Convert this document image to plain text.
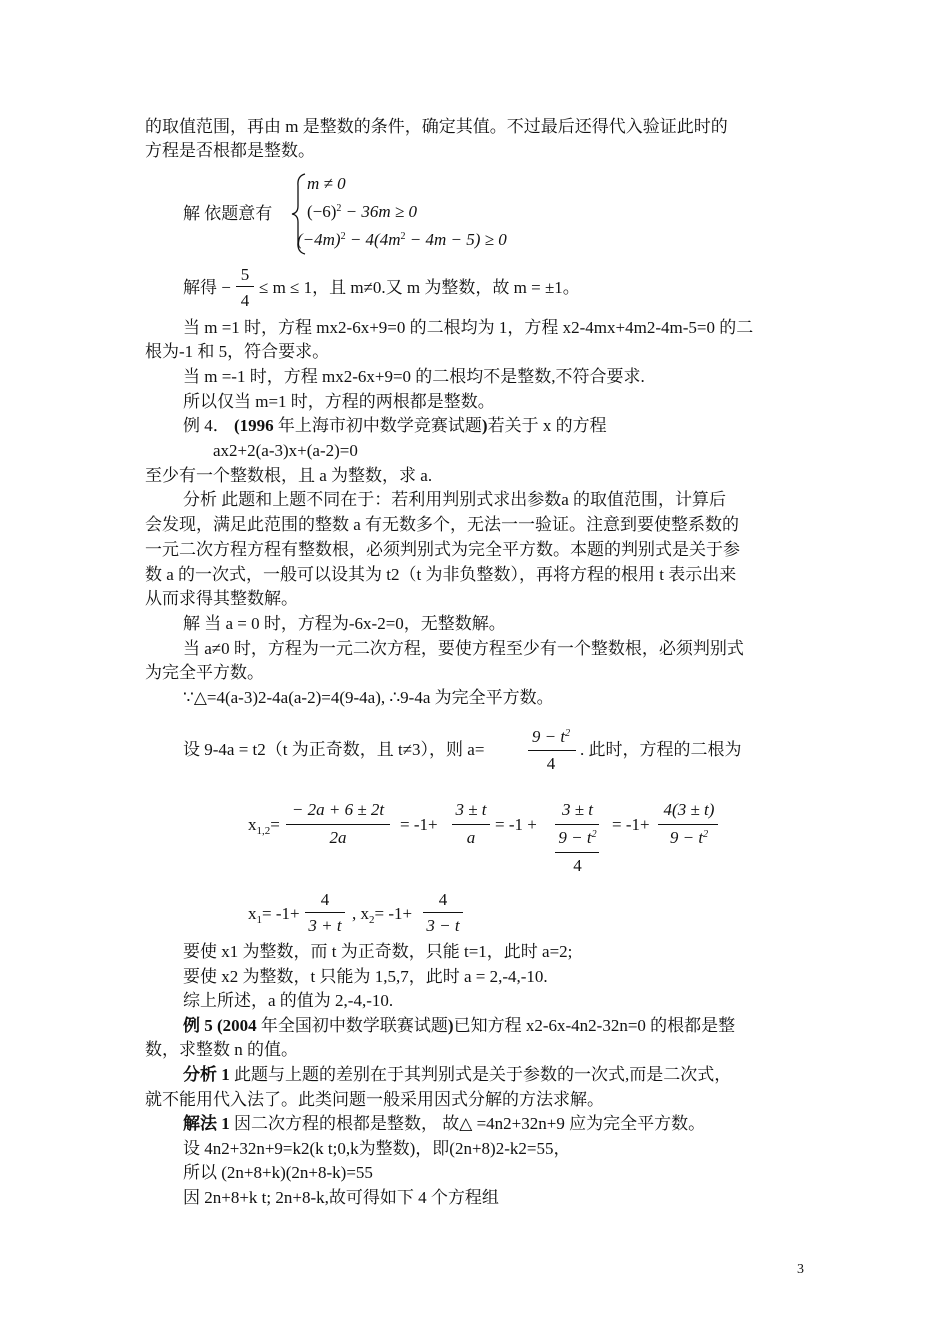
的取值范围，再由 m 是整数的条件，确定其值。不过最后还得代入验证此时的
方程是否根都是整数。
解 依题意有
m ≠ 0
$(-6)^2 - 36m \ge 0$
$(-4m)^2 - 4(4m^2 - 4m - 5) \ge 0$
解得 −
5
4
≤ m ≤ 1，且 m≠0.又 m 为整数，故 m = ±1。
当 m =1 时，方程 mx2-6x+9=0 的二根均为 1，方程 x2-4mx+4m2-4m-5=0 的二
根为-1 和 5，符合要求。
当 m =-1 时，方程 mx2-6x+9=0 的二根均不是整数,不符合要求.
所以仅当 m=1 时，方程的两根都是整数。
例 4． (1996 年上海市初中数学竞赛试题)若关于 x 的方程
ax2+2(a-3)x+(a-2)=0
至少有一个整数根，且 a 为整数，求 a.
分析 此题和上题不同在于：若利用判别式求出参数a 的取值范围，计算后
会发现，满足此范围的整数 a 有无数多个，无法一一验证。注意到要使整系数的
一元二次方程方程有整数根，必须判别式为完全平方数。本题的判别式是关于参
数 a 的一次式，一般可以设其为 t2（t 为非负整数），再将方程的根用 t 表示出来
从而求得其整数解。
解 当 a = 0 时，方程为-6x-2=0，无整数解。
当 a≠0 时，方程为一元二次方程，要使方程至少有一个整数根，必须判别式
为完全平方数。
∵△=4(a-3)2-4a(a-2)=4(9-4a), ∴9-4a 为完全平方数。
设 9-4a = t2（t 为正奇数，且 t≠3），则 a=
$9 - t^2$
4
. 此时，方程的二根为
$x_{1,2}=$
− 2a + 6 ± 2t
2a
= -1+
3 ± t
a
= -1 +
3 ± t
$9 - t^2$
4
= -1+
4(3 ± t)
$9 - t^2$
$x_1= -1+$
4
3 + t
, $x_2= -1+$
4
3 − t
要使 x1 为整数，而 t 为正奇数，只能 t=1，此时 a=2;
要使 x2 为整数，t 只能为 1,5,7，此时 a = 2,-4,-10.
综上所述，a 的值为 2,-4,-10.
例 5 (2004 年全国初中数学联赛试题)已知方程 x2-6x-4n2-32n=0 的根都是整
数，求整数 n 的值。
分析 1 此题与上题的差别在于其判别式是关于参数的一次式,而是二次式，
就不能用代入法了。此类问题一般采用因式分解的方法求解。
解法 1 因二次方程的根都是整数， 故△ =4n2+32n+9 应为完全平方数。
设 4n2+32n+9=k2(k t;0,k为整数)，即(2n+8)2-k2=55，
所以 (2n+8+k)(2n+8-k)=55
因 2n+8+k t; 2n+8-k,故可得如下 4 个方程组
3
